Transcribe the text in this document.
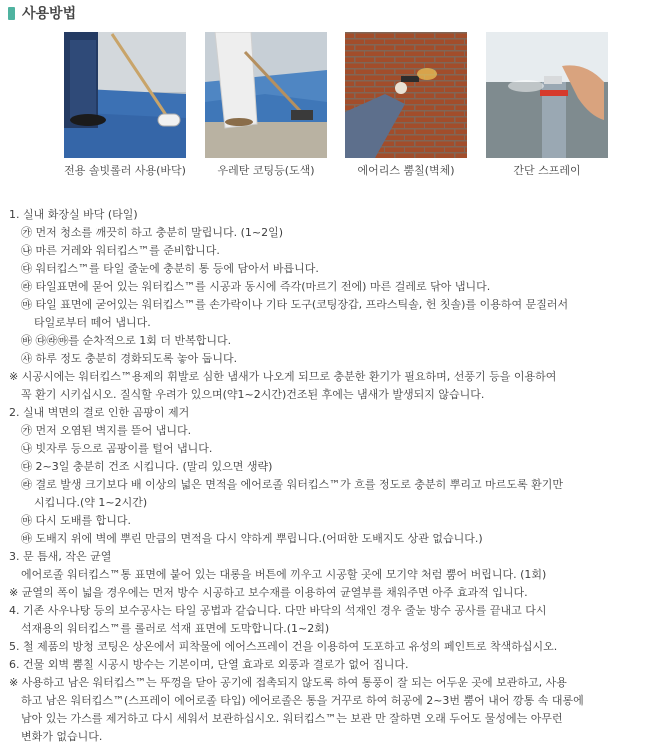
사용방법
전용 솔빗롤러 사용(바닥)	우레탄 코팅등(도색)	에어리스 뿜칠(벽체)	간단 스프레이
1. 실내 화장실 바닥 (타일)
㉮ 먼저 청소를 깨끗히 하고 충분히 말립니다. (1~2일)
㉯ 마른 거레와 워터킵스™를 준비합니다.
㉰ 워터킵스™를 타일 줄눈에 충분히 통 등에 담아서 바릅니다.
㉱ 타일표면에 묻어 있는 워터킵스™를 시공과 동시에 즉각(마르기 전에) 마른 걸레로 닦아 냅니다.
㉲ 타일 표면에 굳어있는 워터킵스™를 손가락이나 기타 도구(코팅장갑, 프라스틱솔, 헌 칫솔)를 이용하여 문질러서
타일로부터 떼어 냅니다.
㉳ ㉰㉱㉲를 순차적으로 1회 더 반복합니다.
㉴ 하루 정도 충분히 경화되도록 놓아 둡니다.
※ 시공시에는 워터킵스™용제의 휘발로 심한 냄새가 나오게 되므로 충분한 환기가 필요하며, 선풍기 등을 이용하여
꼭 환기 시키십시오. 질식할 우려가 있으며(약1~2시간)건조된 후에는 냄새가 발생되지 않습니다.
2. 실내 벽면의 결로 인한 곰팡이 제거
㉮ 먼저 오염된 벽지를 뜯어 냅니다.
㉯ 빗자루 등으로 곰팡이를 털어 냅니다.
㉰ 2~3일 충분히 건조 시킵니다. (말리 있으면 생략)
㉱ 결로 발생 크기보다 배 이상의 넓은 면적을 에어로졸 워터킵스™가 흐를 정도로 충분히 뿌리고 마르도록 환기만
시킵니다.(약 1~2시간)
㉲ 다시 도배를 합니다.
㉳ 도배지 위에 벽에 뿌린 만큼의 면적을 다시 약하게 뿌립니다.(어떠한 도배지도 상관 없습니다.)
3. 문 틈새, 작은 균열
에어로졸 워터킵스™통 표면에 붙어 있는 대롱을 버튼에 끼우고 시공할 곳에 모기약 처럼 뿜어 버립니다. (1회)
※ 균열의 폭이 넓을 경우에는 먼저 방수 시공하고 보수재를 이용하여 균열부를 채워주면 아주 효과적 입니다.
4. 기존 사우나탕 등의 보수공사는 타일 공법과 같습니다. 다만 바닥의 석재인 경우 줄눈 방수 공사를 끝내고 다시
석재용의 워터킵스™를 롤러로 석재 표면에 도막합니다.(1~2회)
5. 철 제품의 방청 코팅은 상온에서 피착물에 에어스프레이 건을 이용하여 도포하고 유성의 페인트로 착색하십시오.
6. 건물 외벽 뿜칠 시공시 방수는 기본이며, 단열 효과로 외풍과 결로가 없어 집니다.
※ 사용하고 남은 워터킵스™는 뚜껑을 닫아 공기에 접촉되지 않도록 하여 통풍이 잘 되는 어두운 곳에 보관하고, 사용
하고 남은 워터킵스™(스프레이 에어로졸 타입) 에어로졸은 통을 거꾸로 하여 허공에 2~3번 뿜어 내어 깡통 속 대롱에
남아 있는 가스를 제거하고 다시 세워서 보관하십시오. 워터킵스™는 보관 만 잘하면 오래 두어도 물성에는 아무런
변화가 없습니다.
